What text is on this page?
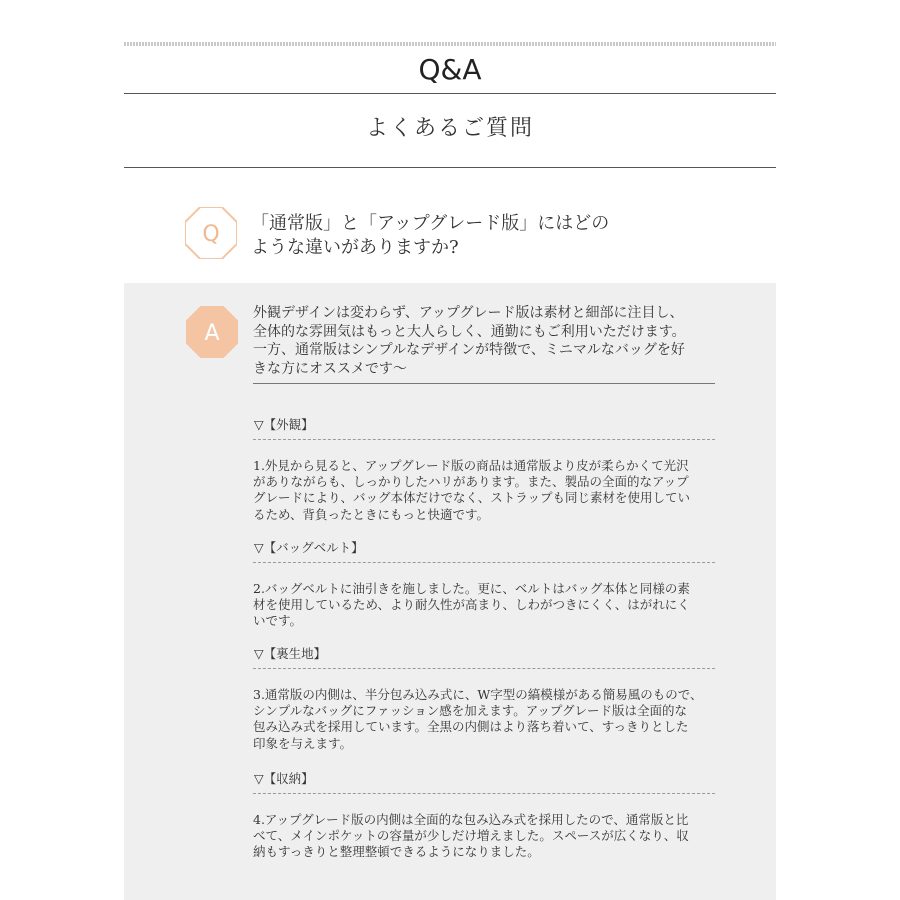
Q&A
よくあるご質問
Q 「通常版」と「アップグレード版」にはどの
ような違いがありますか?
A
外観デザインは変わらず、アップグレード版は素材と細部に注目し、
全体的な雰囲気はもっと大人らしく、通勤にもご利用いただけます。
一方、通常版はシンプルなデザインが特徴で、ミニマルなバッグを好
きな方にオススメです～
▽【外観】
1.外見から見ると、アップグレード版の商品は通常版より皮が柔らかくて光沢
がありながらも、しっかりしたハリがあります。また、製品の全面的なアップ
グレードにより、バッグ本体だけでなく、ストラップも同じ素材を使用してい
るため、背負ったときにもっと快適です。
▽【バッグベルト】
2.バッグベルトに油引きを施しました。更に、ベルトはバッグ本体と同様の素
材を使用しているため、より耐久性が高まり、しわがつきにくく、はがれにく
いです。
▽【裏生地】
3.通常版の内側は、半分包み込み式に、W字型の縞模様がある簡易風のもので、
シンプルなバッグにファッション感を加えます。アップグレード版は全面的な
包み込み式を採用しています。全黒の内側はより落ち着いて、すっきりとした
印象を与えます。
▽【収納】
4.アップグレード版の内側は全面的な包み込み式を採用したので、通常版と比
べて、メインポケットの容量が少しだけ増えました。スペースが広くなり、収
納もすっきりと整理整頓できるようになりました。
